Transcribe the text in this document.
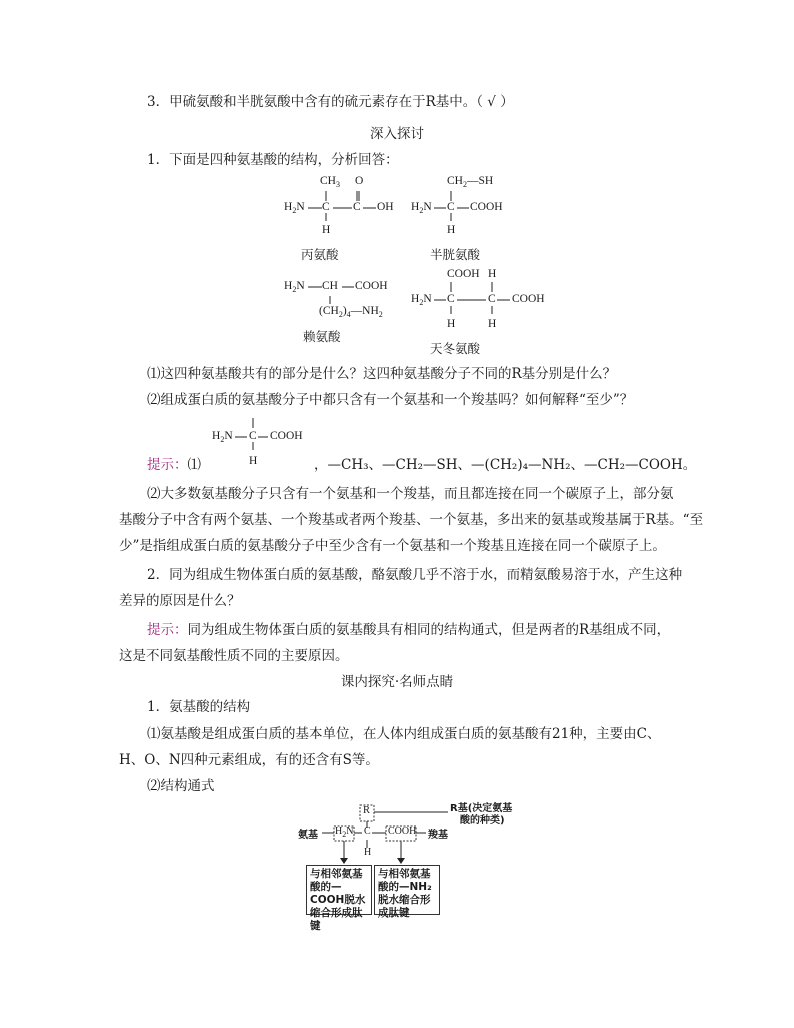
3．甲硫氨酸和半胱氨酸中含有的硫元素存在于R基中。（ √ ）
深入探讨
1．下面是四种氨基酸的结构，分析回答：
$CH_3$ O
$H_2N$ C C OH
H
丙氨酸
$CH_2—SH$
$H_2N$ C COOH
H
半胱氨酸
$H_2N$ CH COOH
$(CH_2)_4—NH_2$
赖氨酸
COOH H
$H_2N$ C	C COOH
H	H
天冬氨酸
⑴这四种氨基酸共有的部分是什么？这四种氨基酸分子不同的R基分别是什么？
⑵组成蛋白质的氨基酸分子中都只含有一个氨基和一个羧基吗？如何解释“至少”？
$H_2N$ C COOH
H
提示：⑴	，—CH₃、—CH₂—SH、—(CH₂)₄—NH₂、—CH₂—COOH。
⑵大多数氨基酸分子只含有一个氨基和一个羧基，而且都连接在同一个碳原子上，部分氨
基酸分子中含有两个氨基、一个羧基或者两个羧基、一个氨基，多出来的氨基或羧基属于R基。“至
少”是指组成蛋白质的氨基酸分子中至少含有一个氨基和一个羧基且连接在同一个碳原子上。
2．同为组成生物体蛋白质的氨基酸，酪氨酸几乎不溶于水，而精氨酸易溶于水，产生这种
差异的原因是什么？
提示：同为组成生物体蛋白质的氨基酸具有相同的结构通式，但是两者的R基组成不同，
这是不同氨基酸性质不同的主要原因。
课内探究·名师点睛
1．氨基酸的结构
⑴氨基酸是组成蛋白质的基本单位，在人体内组成蛋白质的氨基酸有21种，主要由C、
H、O、N四种元素组成，有的还含有S等。
⑵结构通式
R	R基(决定氨基
酸的种类)
氨基 $H_2N$ C COOH 羧基
H
与相邻氨基酸的—COOH脱水缩合形成肽键
与相邻氨基酸的—NH₂脱水缩合形成肽键
